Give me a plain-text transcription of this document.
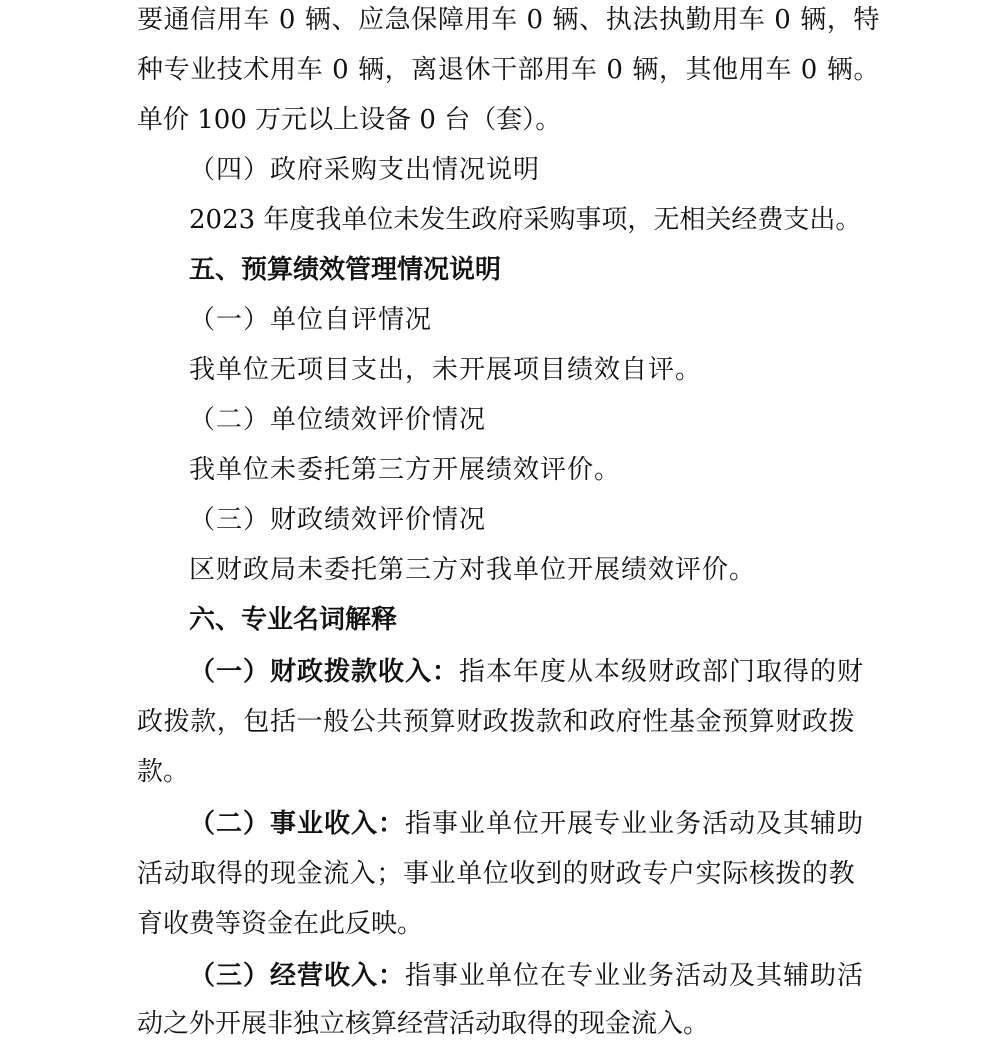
要通信用车 0 辆、应急保障用车 0 辆、执法执勤用车 0 辆，特
种专业技术用车 0 辆，离退休干部用车 0 辆，其他用车 0 辆。
单价 100 万元以上设备 0 台（套）。
（四）政府采购支出情况说明
2023 年度我单位未发生政府采购事项，无相关经费支出。
五、预算绩效管理情况说明
（一）单位自评情况
我单位无项目支出，未开展项目绩效自评。
（二）单位绩效评价情况
我单位未委托第三方开展绩效评价。
（三）财政绩效评价情况
区财政局未委托第三方对我单位开展绩效评价。
六、专业名词解释
（一）财政拨款收入：指本年度从本级财政部门取得的财
政拨款，包括一般公共预算财政拨款和政府性基金预算财政拨
款。
（二）事业收入：指事业单位开展专业业务活动及其辅助
活动取得的现金流入；事业单位收到的财政专户实际核拨的教
育收费等资金在此反映。
（三）经营收入：指事业单位在专业业务活动及其辅助活
动之外开展非独立核算经营活动取得的现金流入。
